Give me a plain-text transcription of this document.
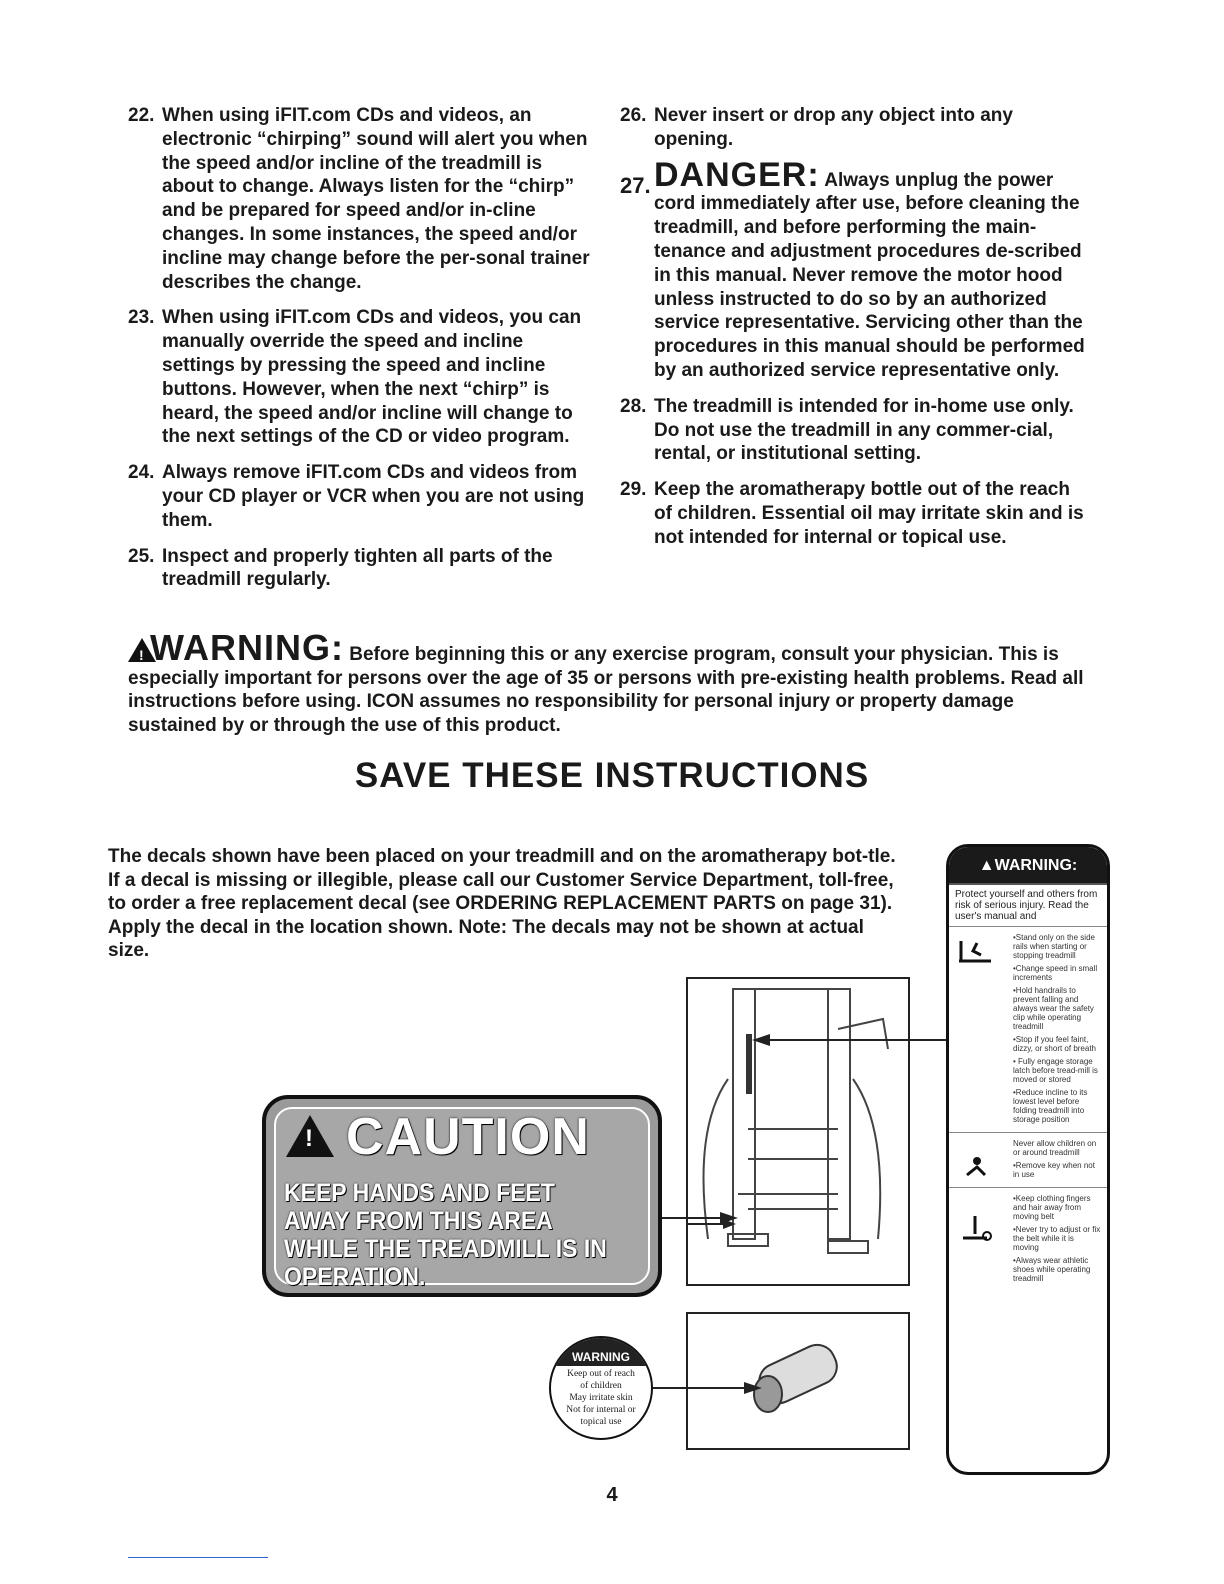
22. When using iFIT.com CDs and videos, an electronic “chirping” sound will alert you when the speed and/or incline of the treadmill is about to change. Always listen for the “chirp” and be prepared for speed and/or in-cline changes. In some instances, the speed and/or incline may change before the per-sonal trainer describes the change.
23. When using iFIT.com CDs and videos, you can manually override the speed and incline settings by pressing the speed and incline buttons. However, when the next “chirp” is heard, the speed and/or incline will change to the next settings of the CD or video program.
24. Always remove iFIT.com CDs and videos from your CD player or VCR when you are not using them.
25. Inspect and properly tighten all parts of the treadmill regularly.
26. Never insert or drop any object into any opening.
27. DANGER: Always unplug the power cord immediately after use, before cleaning the treadmill, and before performing the main-tenance and adjustment procedures de-scribed in this manual. Never remove the motor hood unless instructed to do so by an authorized service representative. Servicing other than the procedures in this manual should be performed by an authorized service representative only.
28. The treadmill is intended for in-home use only. Do not use the treadmill in any commer-cial, rental, or institutional setting.
29. Keep the aromatherapy bottle out of the reach of children. Essential oil may irritate skin and is not intended for internal or topical use.
!WARNING: Before beginning this or any exercise program, consult your physician. This is especially important for persons over the age of 35 or persons with pre-existing health problems. Read all instructions before using. ICON assumes no responsibility for personal injury or property damage sustained by or through the use of this product.
SAVE THESE INSTRUCTIONS
The decals shown have been placed on your treadmill and on the aromatherapy bot-tle. If a decal is missing or illegible, please call our Customer Service Department, toll-free, to order a free replacement decal (see ORDERING REPLACEMENT PARTS on page 31). Apply the decal in the location shown. Note: The decals may not be shown at actual size.
!
CAUTION
KEEP HANDS AND FEET AWAY FROM THIS AREA WHILE THE TREADMILL IS IN OPERATION.
WARNING
Keep out of reach
of children
May irritate skin
Not for internal or
topical use
▲WARNING:
Protect yourself and others from risk of serious injury. Read the user's manual and
•Stand only on the side rails when starting or stopping treadmill
•Change speed in small increments
•Hold handrails to prevent falling and always wear the safety clip while operating treadmill
•Stop if you feel faint, dizzy, or short of breath
• Fully engage storage latch before tread-mill is moved or stored
•Reduce incline to its lowest level before folding treadmill into storage position
Never allow children on or around treadmill
•Remove key when not in use
•Keep clothing fingers and hair away from moving belt
•Never try to adjust or fix the belt while it is moving
•Always wear athletic shoes while operating treadmill
4
